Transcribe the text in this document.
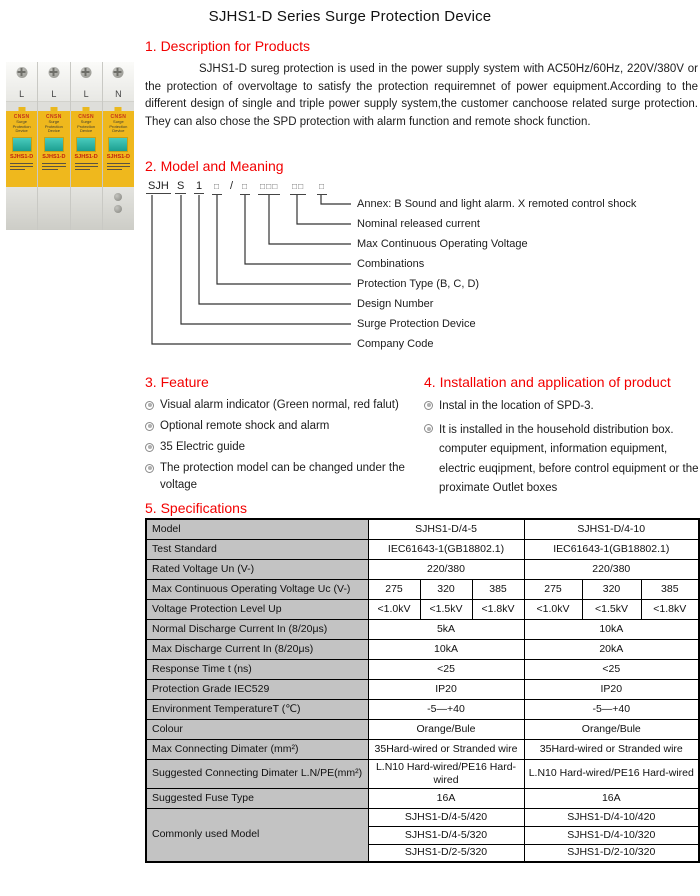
SJHS1-D Series Surge Protection Device
L
CNSN
Surge Protection Device
SJHS1-D
L
CNSN
Surge Protection Device
SJHS1-D
L
CNSN
Surge Protection Device
SJHS1-D
N
CNSN
Surge Protection Device
SJHS1-D
1. Description for Products
SJHS1-D sureg protection is used in the power supply system with AC50Hz/60Hz, 220V/380V or the protection of overvoltage to satisfy the protection requiremnet of power equipment.According to the different design of single and triple power supply system,the customer canchoose related surge protection. They can also chose the SPD protection with alarm function and remote shock function.
2. Model and Meaning
SJH S 1 □ / □ □□□ □□ □
Annex: B Sound and light alarm. X remoted control shock
Nominal released current
Max Continuous Operating Voltage
Combinations
Protection Type (B, C, D)
Design Number
Surge Protection Device
Company Code
3. Feature
Visual alarm indicator (Green normal, red falut)
Optional remote shock and alarm
35 Electric guide
The protection model can be changed under the voltage
4. Installation and application of product
Instal in the location of SPD-3.
It is installed in the household distribution box. computer equipment, information equipment, electric euqipment, before control equipment or the proximate Outlet boxes
5. Specifications
Model	SJHS1-D/4-5			SJHS1-D/4-10		
Test Standard	IEC61643-1(GB18802.1)			IEC61643-1(GB18802.1)		
Rated Voltage Un (V-)	220/380			220/380		
Max Continuous Operating Voltage Uc (V-)	275	320	385	275	320	385
Voltage Protection Level Up	<1.0kV	<1.5kV	<1.8kV	<1.0kV	<1.5kV	<1.8kV
Normal Discharge Current In (8/20μs)	5kA			10kA		
Max Discharge Current In (8/20μs)	10kA			20kA		
Response Time t (ns)	<25			<25		
Protection Grade IEC529	IP20			IP20		
Environment TemperatureT (℃)	-5—+40			-5—+40		
Colour	Orange/Bule			Orange/Bule		
Max Connecting Dimater (mm²)	35Hard-wired or Stranded wire			35Hard-wired or Stranded wire		
Suggested Connecting Dimater L.N/PE(mm²)	L.N10 Hard-wired/PE16 Hard-wired			L.N10 Hard-wired/PE16 Hard-wired		
Suggested Fuse Type	16A			16A		
Commonly used Model	SJHS1-D/4-5/420			SJHS1-D/4-10/420		
	SJHS1-D/4-5/320			SJHS1-D/4-10/320		
	SJHS1-D/2-5/320			SJHS1-D/2-10/320		
